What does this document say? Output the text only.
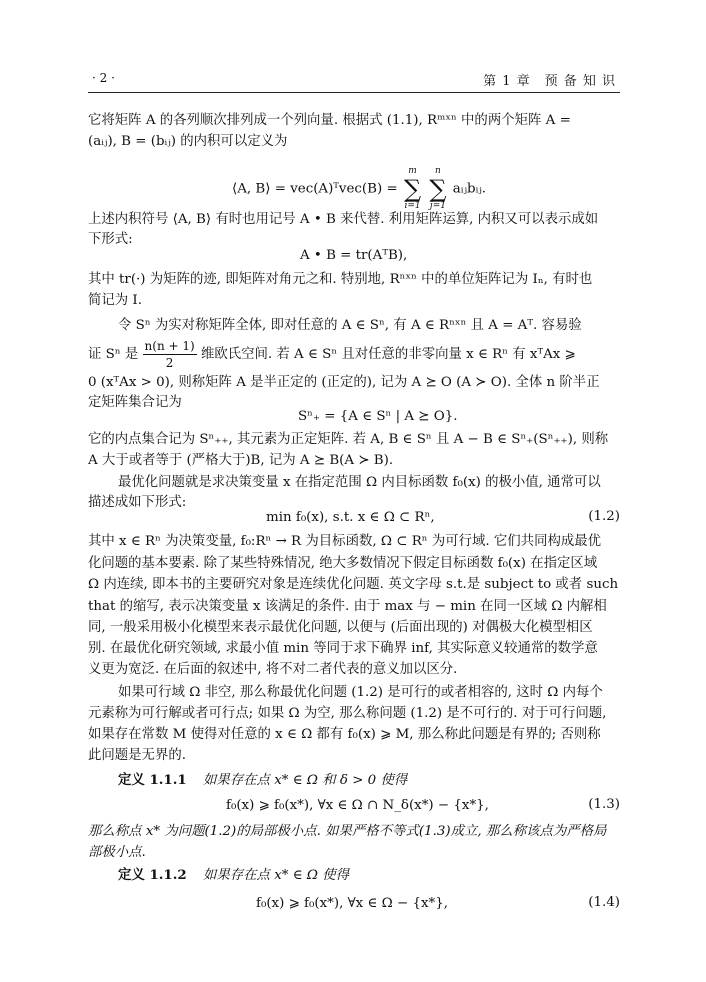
· 2 ·	第 1 章　预 备 知 识
它将矩阵 A 的各列顺次排列成一个列向量. 根据式 (1.1), Rᵐˣⁿ 中的两个矩阵 A =
(aᵢⱼ), B = (bᵢⱼ) 的内积可以定义为
⟨A, B⟩ = vec(A)ᵀvec(B) =
m
∑
i=1

n
∑
j=1
aᵢⱼbᵢⱼ.
上述内积符号 ⟨A, B⟩ 有时也用记号 A • B 来代替. 利用矩阵运算, 内积又可以表示成如
下形式:
A • B = tr(AᵀB),
其中 tr(·) 为矩阵的迹, 即矩阵对角元之和. 特别地, Rⁿˣⁿ 中的单位矩阵记为 Iₙ, 有时也
简记为 I.
令 Sⁿ 为实对称矩阵全体, 即对任意的 A ∈ Sⁿ, 有 A ∈ Rⁿˣⁿ 且 A = Aᵀ. 容易验
证 Sⁿ 是 $\frac{n(n + 1)}{2}$ 维欧氏空间. 若 A ∈ Sⁿ 且对任意的非零向量 x ∈ Rⁿ 有 xᵀAx ⩾
0 (xᵀAx > 0), 则称矩阵 A 是半正定的 (正定的), 记为 A ⪰ O (A ≻ O). 全体 n 阶半正
定矩阵集合记为
Sⁿ₊ = {A ∈ Sⁿ | A ⪰ O}.
它的内点集合记为 Sⁿ₊₊, 其元素为正定矩阵. 若 A, B ∈ Sⁿ 且 A − B ∈ Sⁿ₊(Sⁿ₊₊), 则称
A 大于或者等于 (严格大于)B, 记为 A ⪰ B(A ≻ B).
最优化问题就是求决策变量 x 在指定范围 Ω 内目标函数 f₀(x) 的极小值, 通常可以
描述成如下形式:
min f₀(x), s.t. x ∈ Ω ⊂ Rⁿ,	(1.2)
其中 x ∈ Rⁿ 为决策变量, f₀:Rⁿ → R 为目标函数, Ω ⊂ Rⁿ 为可行域. 它们共同构成最优
化问题的基本要素. 除了某些特殊情况, 绝大多数情况下假定目标函数 f₀(x) 在指定区域
Ω 内连续, 即本书的主要研究对象是连续优化问题. 英文字母 s.t.是 subject to 或者 such
that 的缩写, 表示决策变量 x 该满足的条件. 由于 max 与 − min 在同一区域 Ω 内解相
同, 一般采用极小化模型来表示最优化问题, 以便与 (后面出现的) 对偶极大化模型相区
别. 在最优化研究领域, 求最小值 min 等同于求下确界 inf, 其实际意义较通常的数学意
义更为宽泛. 在后面的叙述中, 将不对二者代表的意义加以区分.
如果可行域 Ω 非空, 那么称最优化问题 (1.2) 是可行的或者相容的, 这时 Ω 内每个
元素称为可行解或者可行点; 如果 Ω 为空, 那么称问题 (1.2) 是不可行的. 对于可行问题,
如果存在常数 M 使得对任意的 x ∈ Ω 都有 f₀(x) ⩾ M, 那么称此问题是有界的; 否则称
此问题是无界的.
定义 1.1.1 如果存在点 x* ∈ Ω 和 δ > 0 使得
f₀(x) ⩾ f₀(x*), ∀x ∈ Ω ∩ N_δ(x*) − {x*},	(1.3)
那么称点 x* 为问题(1.2)的局部极小点. 如果严格不等式(1.3)成立, 那么称该点为严格局
部极小点.
定义 1.1.2 如果存在点 x* ∈ Ω 使得
f₀(x) ⩾ f₀(x*), ∀x ∈ Ω − {x*},	(1.4)
